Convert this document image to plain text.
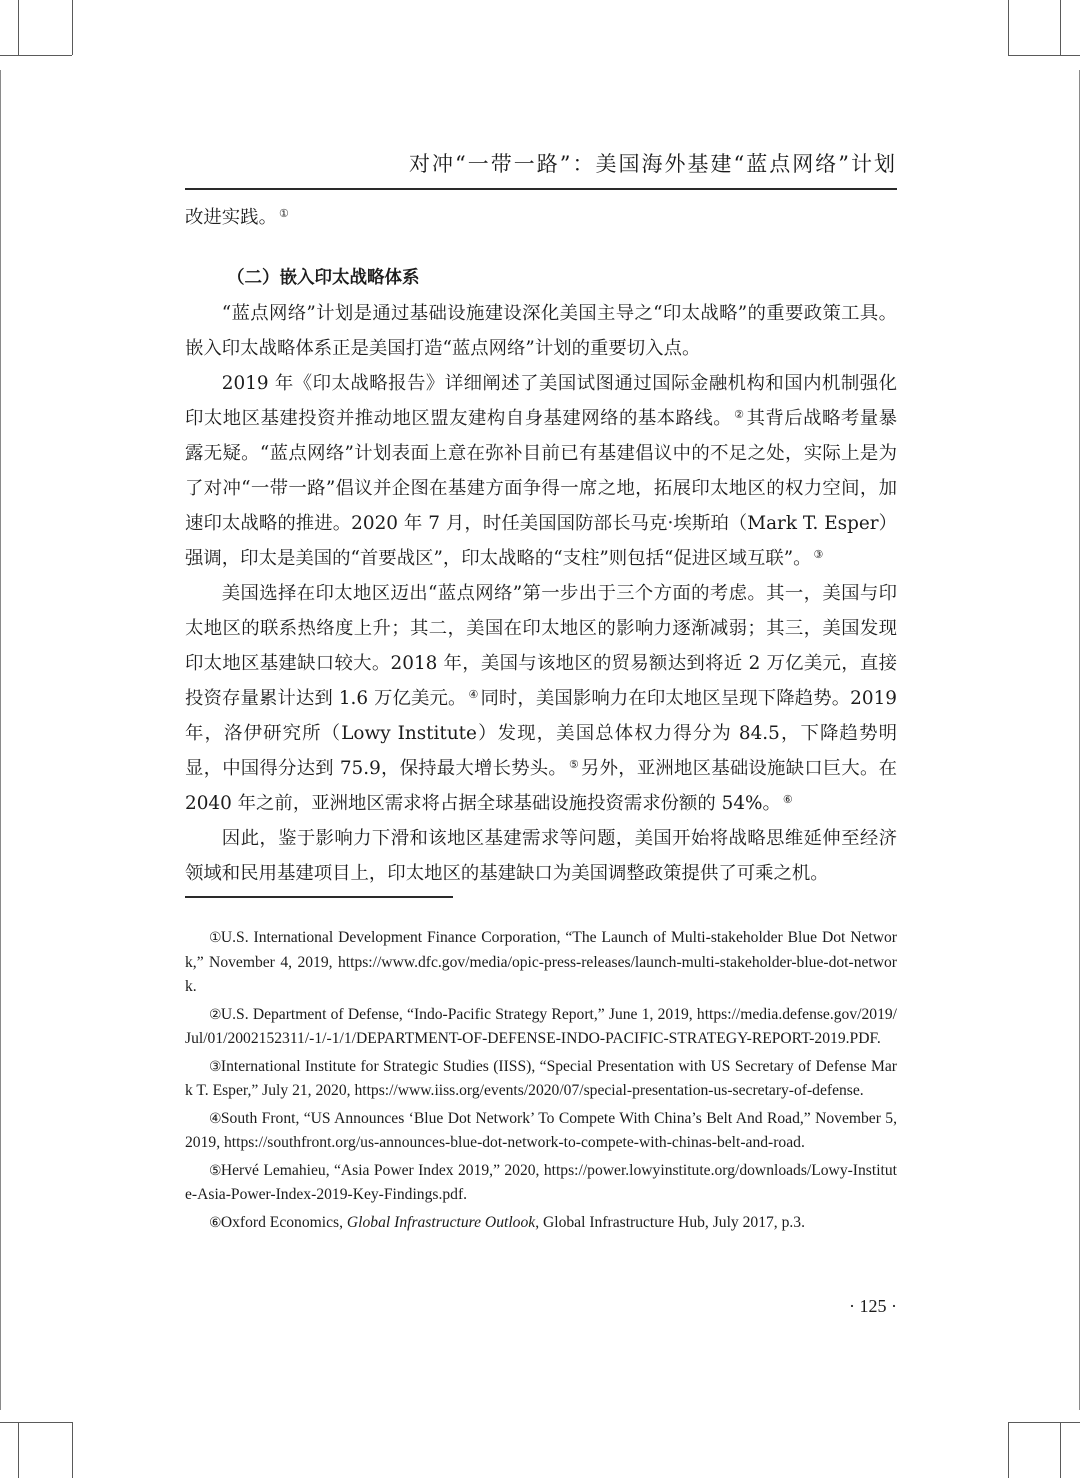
对冲“一带一路”：美国海外基建“蓝点网络”计划

改进实践。 ①

（二）嵌入印太战略体系

“蓝点网络”计划是通过基础设施建设深化美国主导之“印太战略”的重要政策工具。嵌入印太战略体系正是美国打造“蓝点网络”计划的重要切入点。

2019 年《印太战略报告》详细阐述了美国试图通过国际金融机构和国内机制强化印太地区基建投资并推动地区盟友建构自身基建网络的基本路线。 ② 其背后战略考量暴露无疑。“蓝点网络”计划表面上意在弥补目前已有基建倡议中的不足之处，实际上是为了对冲“一带一路”倡议并企图在基建方面争得一席之地，拓展印太地区的权力空间，加速印太战略的推进。2020 年 7 月，时任美国国防部长马克·埃斯珀（Mark T. Esper）强调，印太是美国的“首要战区”，印太战略的“支柱”则包括“促进区域互联”。 ③

美国选择在印太地区迈出“蓝点网络”第一步出于三个方面的考虑。其一，美国与印太地区的联系热络度上升；其二，美国在印太地区的影响力逐渐减弱；其三，美国发现印太地区基建缺口较大。2018 年，美国与该地区的贸易额达到将近 2 万亿美元，直接投资存量累计达到 1.6 万亿美元。 ④ 同时，美国影响力在印太地区呈现下降趋势。2019 年，洛伊研究所（Lowy Institute）发现，美国总体权力得分为 84.5，下降趋势明显，中国得分达到 75.9，保持最大增长势头。 ⑤ 另外，亚洲地区基础设施缺口巨大。在 2040 年之前，亚洲地区需求将占据全球基础设施投资需求份额的 54%。 ⑥

因此，鉴于影响力下滑和该地区基建需求等问题，美国开始将战略思维延伸至经济领域和民用基建项目上，印太地区的基建缺口为美国调整政策提供了可乘之机。

① U.S. International Development Finance Corporation, “The Launch of Multi-stakeholder Blue Dot Network,” November 4, 2019, https://www.dfc.gov/media/opic-press-releases/launch-multi-stakeholder-blue-dot-network.
② U.S. Department of Defense, “Indo-Pacific Strategy Report,” June 1, 2019, https://media.defense.gov/2019/Jul/01/2002152311/-1/-1/1/DEPARTMENT-OF-DEFENSE-INDO-PACIFIC-STRATEGY-REPORT-2019.PDF.
③ International Institute for Strategic Studies (IISS), “Special Presentation with US Secretary of Defense Mark T. Esper,” July 21, 2020, https://www.iiss.org/events/2020/07/special-presentation-us-secretary-of-defense.
④ South Front, “US Announces ‘Blue Dot Network’ To Compete With China’s Belt And Road,” November 5, 2019, https://southfront.org/us-announces-blue-dot-network-to-compete-with-chinas-belt-and-road.
⑤ Hervé Lemahieu, “Asia Power Index 2019,” 2020, https://power.lowyinstitute.org/downloads/Lowy-Institute-Asia-Power-Index-2019-Key-Findings.pdf.
⑥ Oxford Economics, Global Infrastructure Outlook, Global Infrastructure Hub, July 2017, p.3.
· 125 ·
